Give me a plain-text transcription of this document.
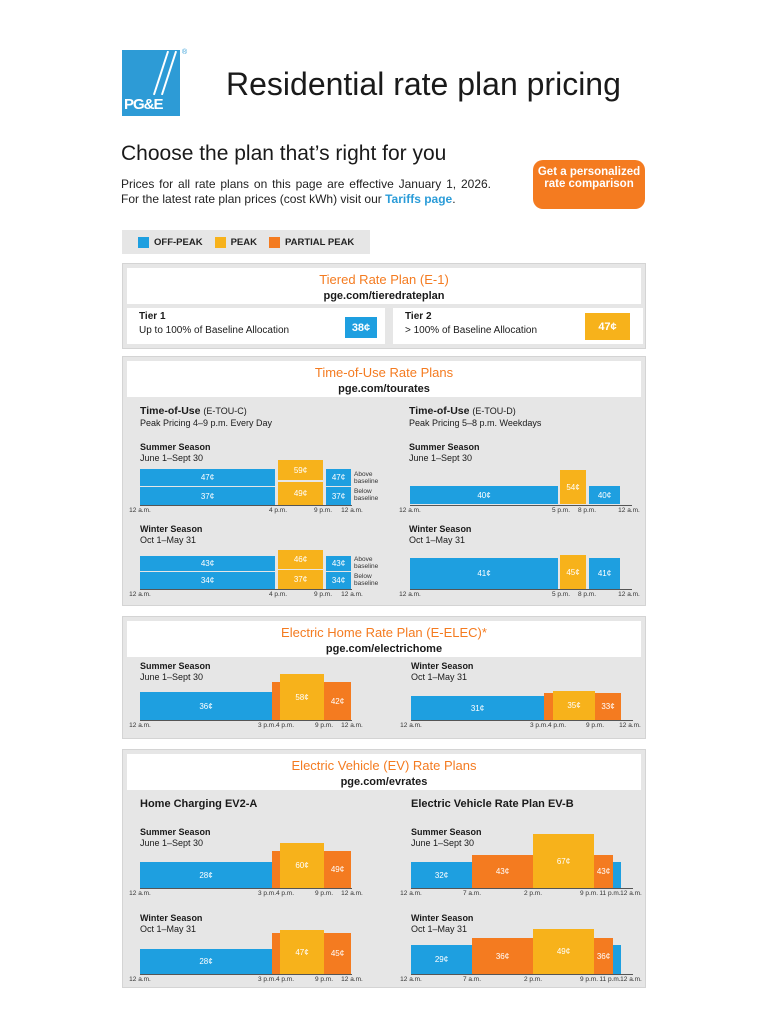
PG&E
®
Residential rate plan pricing
Choose the plan that’s right for you
Prices for all rate plans on this page are effective January 1, 2026. For the latest rate plan prices (cost kWh) visit our Tariffs page.
Get a personalized rate comparison
OFF-PEAK	PEAK	PARTIAL PEAK
Tiered Rate Plan (E-1)
pge.com/tieredrateplan
Tier 1
Up to 100% of Baseline Allocation	38¢
Tier 2
> 100% of Baseline Allocation	47¢
Time-of-Use Rate Plans
pge.com/tourates
Time-of-Use (E-TOU-C)
Peak Pricing 4–9 p.m. Every Day
Summer Season
June 1–Sept 30
47¢
37¢
59¢
49¢
47¢
37¢
Above baseline
Below baseline
12 a.m.	4 p.m.	9 p.m. 12 a.m.
Winter Season
Oct 1–May 31
43¢
34¢
46¢
37¢
43¢
34¢
Above baseline
Below baseline
12 a.m.	4 p.m.	9 p.m. 12 a.m.
Time-of-Use (E-TOU-D)
Peak Pricing 5–8 p.m. Weekdays
Summer Season
June 1–Sept 30
40¢
54¢
40¢
12 a.m.	5 p.m. 8 p.m.	12 a.m.
Winter Season
Oct 1–May 31
41¢	45¢	41¢
12 a.m.	5 p.m. 8 p.m.	12 a.m.
Electric Home Rate Plan (E-ELEC)*
pge.com/electrichome
Summer Season
June 1–Sept 30
36¢
58¢	42¢
12 a.m.	3 p.m. 4 p.m.	9 p.m. 12 a.m.
Winter Season
Oct 1–May 31
31¢	35¢	33¢
12 a.m.	3 p.m. 4 p.m.	9 p.m. 12 a.m.
Electric Vehicle (EV) Rate Plans
pge.com/evrates
Home Charging EV2-A	Electric Vehicle Rate Plan EV-B
Summer Season
June 1–Sept 30
28¢
60¢	49¢
12 a.m.	3 p.m. 4 p.m.	9 p.m. 12 a.m.
Winter Season
Oct 1–May 31
28¢
47¢	45¢
12 a.m.	3 p.m. 4 p.m.	9 p.m. 12 a.m.
Summer Season
June 1–Sept 30
32¢	43¢
67¢
43¢
12 a.m.	7 a.m.	2 p.m.	9 p.m. 11 p.m. 12 a.m.
Winter Season
Oct 1–May 31
29¢	36¢	49¢	36¢
12 a.m.	7 a.m.	2 p.m.	9 p.m. 11 p.m. 12 a.m.
